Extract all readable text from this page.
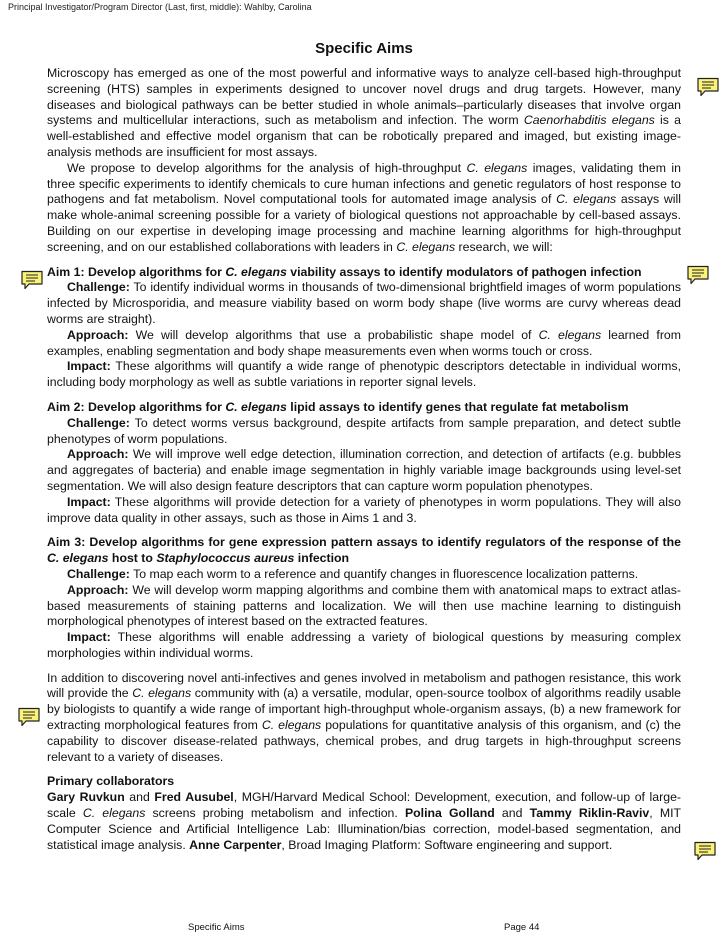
Principal Investigator/Program Director (Last, first, middle): Wahlby, Carolina
Specific Aims

Microscopy has emerged as one of the most powerful and informative ways to analyze cell-based high-throughput screening (HTS) samples in experiments designed to uncover novel drugs and drug targets. However, many diseases and biological pathways can be better studied in whole animals–particularly diseases that involve organ systems and multicellular interactions, such as metabolism and infection. The worm Caenorhabditis elegans is a well-established and effective model organism that can be robotically prepared and imaged, but existing image-analysis methods are insufficient for most assays.

We propose to develop algorithms for the analysis of high-throughput C. elegans images, validating them in three specific experiments to identify chemicals to cure human infections and genetic regulators of host response to pathogens and fat metabolism. Novel computational tools for automated image analysis of C. elegans assays will make whole-animal screening possible for a variety of biological questions not approachable by cell-based assays. Building on our expertise in developing image processing and machine learning algorithms for high-throughput screening, and on our established collaborations with leaders in C. elegans research, we will:

Aim 1: Develop algorithms for C. elegans viability assays to identify modulators of pathogen infection

Challenge: To identify individual worms in thousands of two-dimensional brightfield images of worm populations infected by Microsporidia, and measure viability based on worm body shape (live worms are curvy whereas dead worms are straight).

Approach: We will develop algorithms that use a probabilistic shape model of C. elegans learned from examples, enabling segmentation and body shape measurements even when worms touch or cross.

Impact: These algorithms will quantify a wide range of phenotypic descriptors detectable in individual worms, including body morphology as well as subtle variations in reporter signal levels.

Aim 2: Develop algorithms for C. elegans lipid assays to identify genes that regulate fat metabolism

Challenge: To detect worms versus background, despite artifacts from sample preparation, and detect subtle phenotypes of worm populations.

Approach: We will improve well edge detection, illumination correction, and detection of artifacts (e.g. bubbles and aggregates of bacteria) and enable image segmentation in highly variable image backgrounds using level-set segmentation. We will also design feature descriptors that can capture worm population phenotypes.

Impact: These algorithms will provide detection for a variety of phenotypes in worm populations. They will also improve data quality in other assays, such as those in Aims 1 and 3.

Aim 3: Develop algorithms for gene expression pattern assays to identify regulators of the response of the C. elegans host to Staphylococcus aureus infection

Challenge: To map each worm to a reference and quantify changes in fluorescence localization patterns.

Approach: We will develop worm mapping algorithms and combine them with anatomical maps to extract atlas-based measurements of staining patterns and localization. We will then use machine learning to distinguish morphological phenotypes of interest based on the extracted features.

Impact: These algorithms will enable addressing a variety of biological questions by measuring complex morphologies within individual worms.

In addition to discovering novel anti-infectives and genes involved in metabolism and pathogen resistance, this work will provide the C. elegans community with (a) a versatile, modular, open-source toolbox of algorithms readily usable by biologists to quantify a wide range of important high-throughput whole-organism assays, (b) a new framework for extracting morphological features from C. elegans populations for quantitative analysis of this organism, and (c) the capability to discover disease-related pathways, chemical probes, and drug targets in high-throughput screens relevant to a variety of diseases.

Primary collaborators

Gary Ruvkun and Fred Ausubel, MGH/Harvard Medical School: Development, execution, and follow-up of large-scale C. elegans screens probing metabolism and infection. Polina Golland and Tammy Riklin-Raviv, MIT Computer Science and Artificial Intelligence Lab: Illumination/bias correction, model-based segmentation, and statistical image analysis. Anne Carpenter, Broad Imaging Platform: Software engineering and support.

Specific Aims	Page 44
